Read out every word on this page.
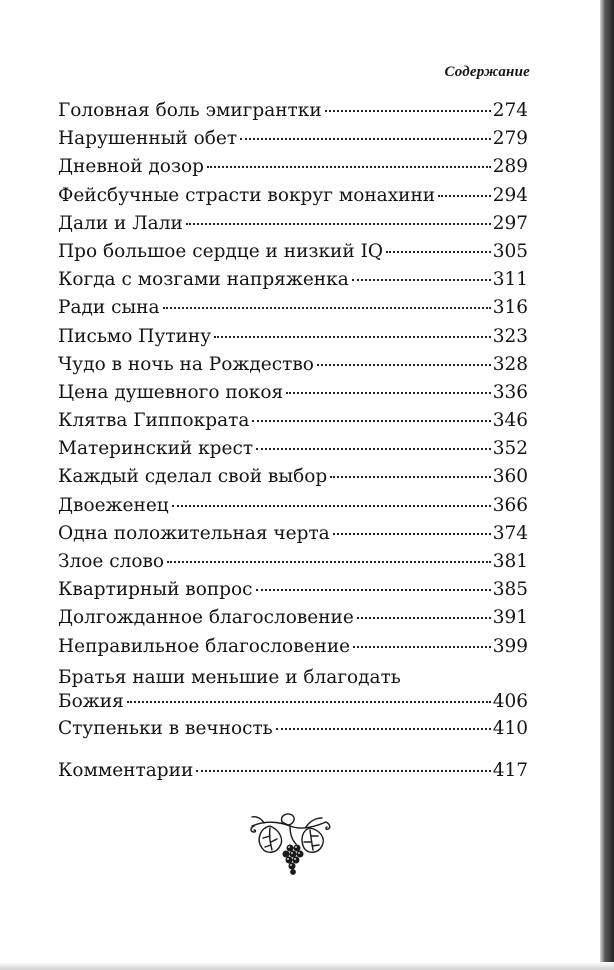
Содержание
Головная боль эмигрантки	274
Нарушенный обет	279
Дневной дозор	289
Фейсбучные страсти вокруг монахини	294
Дали и Лали	297
Про большое сердце и низкий IQ	305
Когда с мозгами напряженка	311
Ради сына	316
Письмо Путину	323
Чудо в ночь на Рождество	328
Цена душевного покоя	336
Клятва Гиппократа	346
Материнский крест	352
Каждый сделал свой выбор	360
Двоеженец	366
Одна положительная черта	374
Злое слово	381
Квартирный вопрос	385
Долгожданное благословение	391
Неправильное благословение	399
Братья наши меньшие и благодать
Божия	406
Ступеньки в вечность	410
Комментарии	417
